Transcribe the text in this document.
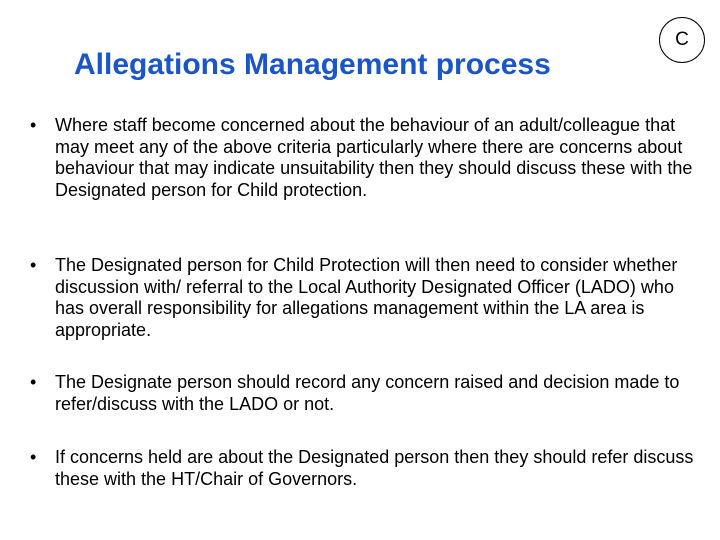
Allegations Management process
C
• Where staff become concerned about the behaviour of an adult/colleague that may meet any of the above criteria particularly where there are concerns about behaviour that may indicate unsuitability then they should discuss these with the Designated person for Child protection.
• The Designated person for Child Protection will then need to consider whether discussion with/ referral to the Local Authority Designated Officer (LADO) who has overall responsibility for allegations management within the LA area is appropriate.
• The Designate person should record any concern raised and decision made to refer/discuss with the LADO or not.
• If concerns held are about the Designated person then they should refer discuss these with the HT/Chair of Governors.
